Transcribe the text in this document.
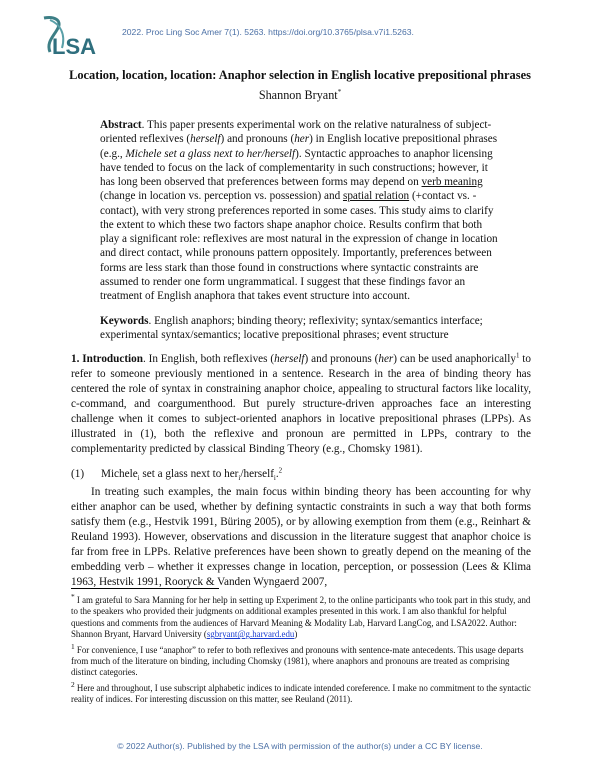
LSA
2022. Proc Ling Soc Amer 7(1). 5263. https://doi.org/10.3765/plsa.v7i1.5263.
Location, location, location: Anaphor selection in English locative prepositional phrases
Shannon Bryant*
Abstract. This paper presents experimental work on the relative naturalness of subject-oriented reflexives (herself) and pronouns (her) in English locative prepositional phrases (e.g., Michele set a glass next to her/herself). Syntactic approaches to anaphor licensing have tended to focus on the lack of complementarity in such constructions; however, it has long been observed that preferences between forms may depend on verb meaning (change in location vs. perception vs. possession) and spatial relation (+contact vs. -contact), with very strong preferences reported in some cases. This study aims to clarify the extent to which these two factors shape anaphor choice. Results confirm that both play a significant role: reflexives are most natural in the expression of change in location and direct contact, while pronouns pattern oppositely. Importantly, preferences between forms are less stark than those found in constructions where syntactic constraints are assumed to render one form ungrammatical. I suggest that these findings favor an treatment of English anaphora that takes event structure into account.
Keywords. English anaphors; binding theory; reflexivity; syntax/semantics interface; experimental syntax/semantics; locative prepositional phrases; event structure
1. Introduction. In English, both reflexives (herself) and pronouns (her) can be used anaphorically$^1$ to refer to someone previously mentioned in a sentence. Research in the area of binding theory has centered the role of syntax in constraining anaphor choice, appealing to structural factors like locality, c-command, and coargumenthood. But purely structure-driven approaches face an interesting challenge when it comes to subject-oriented anaphors in locative prepositional phrases (LPPs). As illustrated in (1), both the reflexive and pronoun are permitted in LPPs, contrary to the complementarity predicted by classical Binding Theory (e.g., Chomsky 1981).
(1) Michele$_i$ set a glass next to her$_i$/herself$_i$.$^2$
In treating such examples, the main focus within binding theory has been accounting for why either anaphor can be used, whether by defining syntactic constraints in such a way that both forms satisfy them (e.g., Hestvik 1991, Büring 2005), or by allowing exemption from them (e.g., Reinhart & Reuland 1993). However, observations and discussion in the literature suggest that anaphor choice is far from free in LPPs. Relative preferences have been shown to greatly depend on the meaning of the embedding verb – whether it expresses change in location, perception, or possession (Lees & Klima 1963, Hestvik 1991, Rooryck & Vanden Wyngaerd 2007,

* I am grateful to Sara Manning for her help in setting up Experiment 2, to the online participants who took part in this study, and to the speakers who provided their judgments on additional examples presented in this work. I am also thankful for helpful questions and comments from the audiences of Harvard Meaning & Modality Lab, Harvard LangCog, and LSA2022. Author: Shannon Bryant, Harvard University (sgbryant@g.harvard.edu)

$^1$ For convenience, I use “anaphor” to refer to both reflexives and pronouns with sentence-mate antecedents. This usage departs from much of the literature on binding, including Chomsky (1981), where anaphors and pronouns are treated as comprising distinct categories.

$^2$ Here and throughout, I use subscript alphabetic indices to indicate intended coreference. I make no commitment to the syntactic reality of indices. For interesting discussion on this matter, see Reuland (2011).

© 2022 Author(s). Published by the LSA with permission of the author(s) under a CC BY license.
